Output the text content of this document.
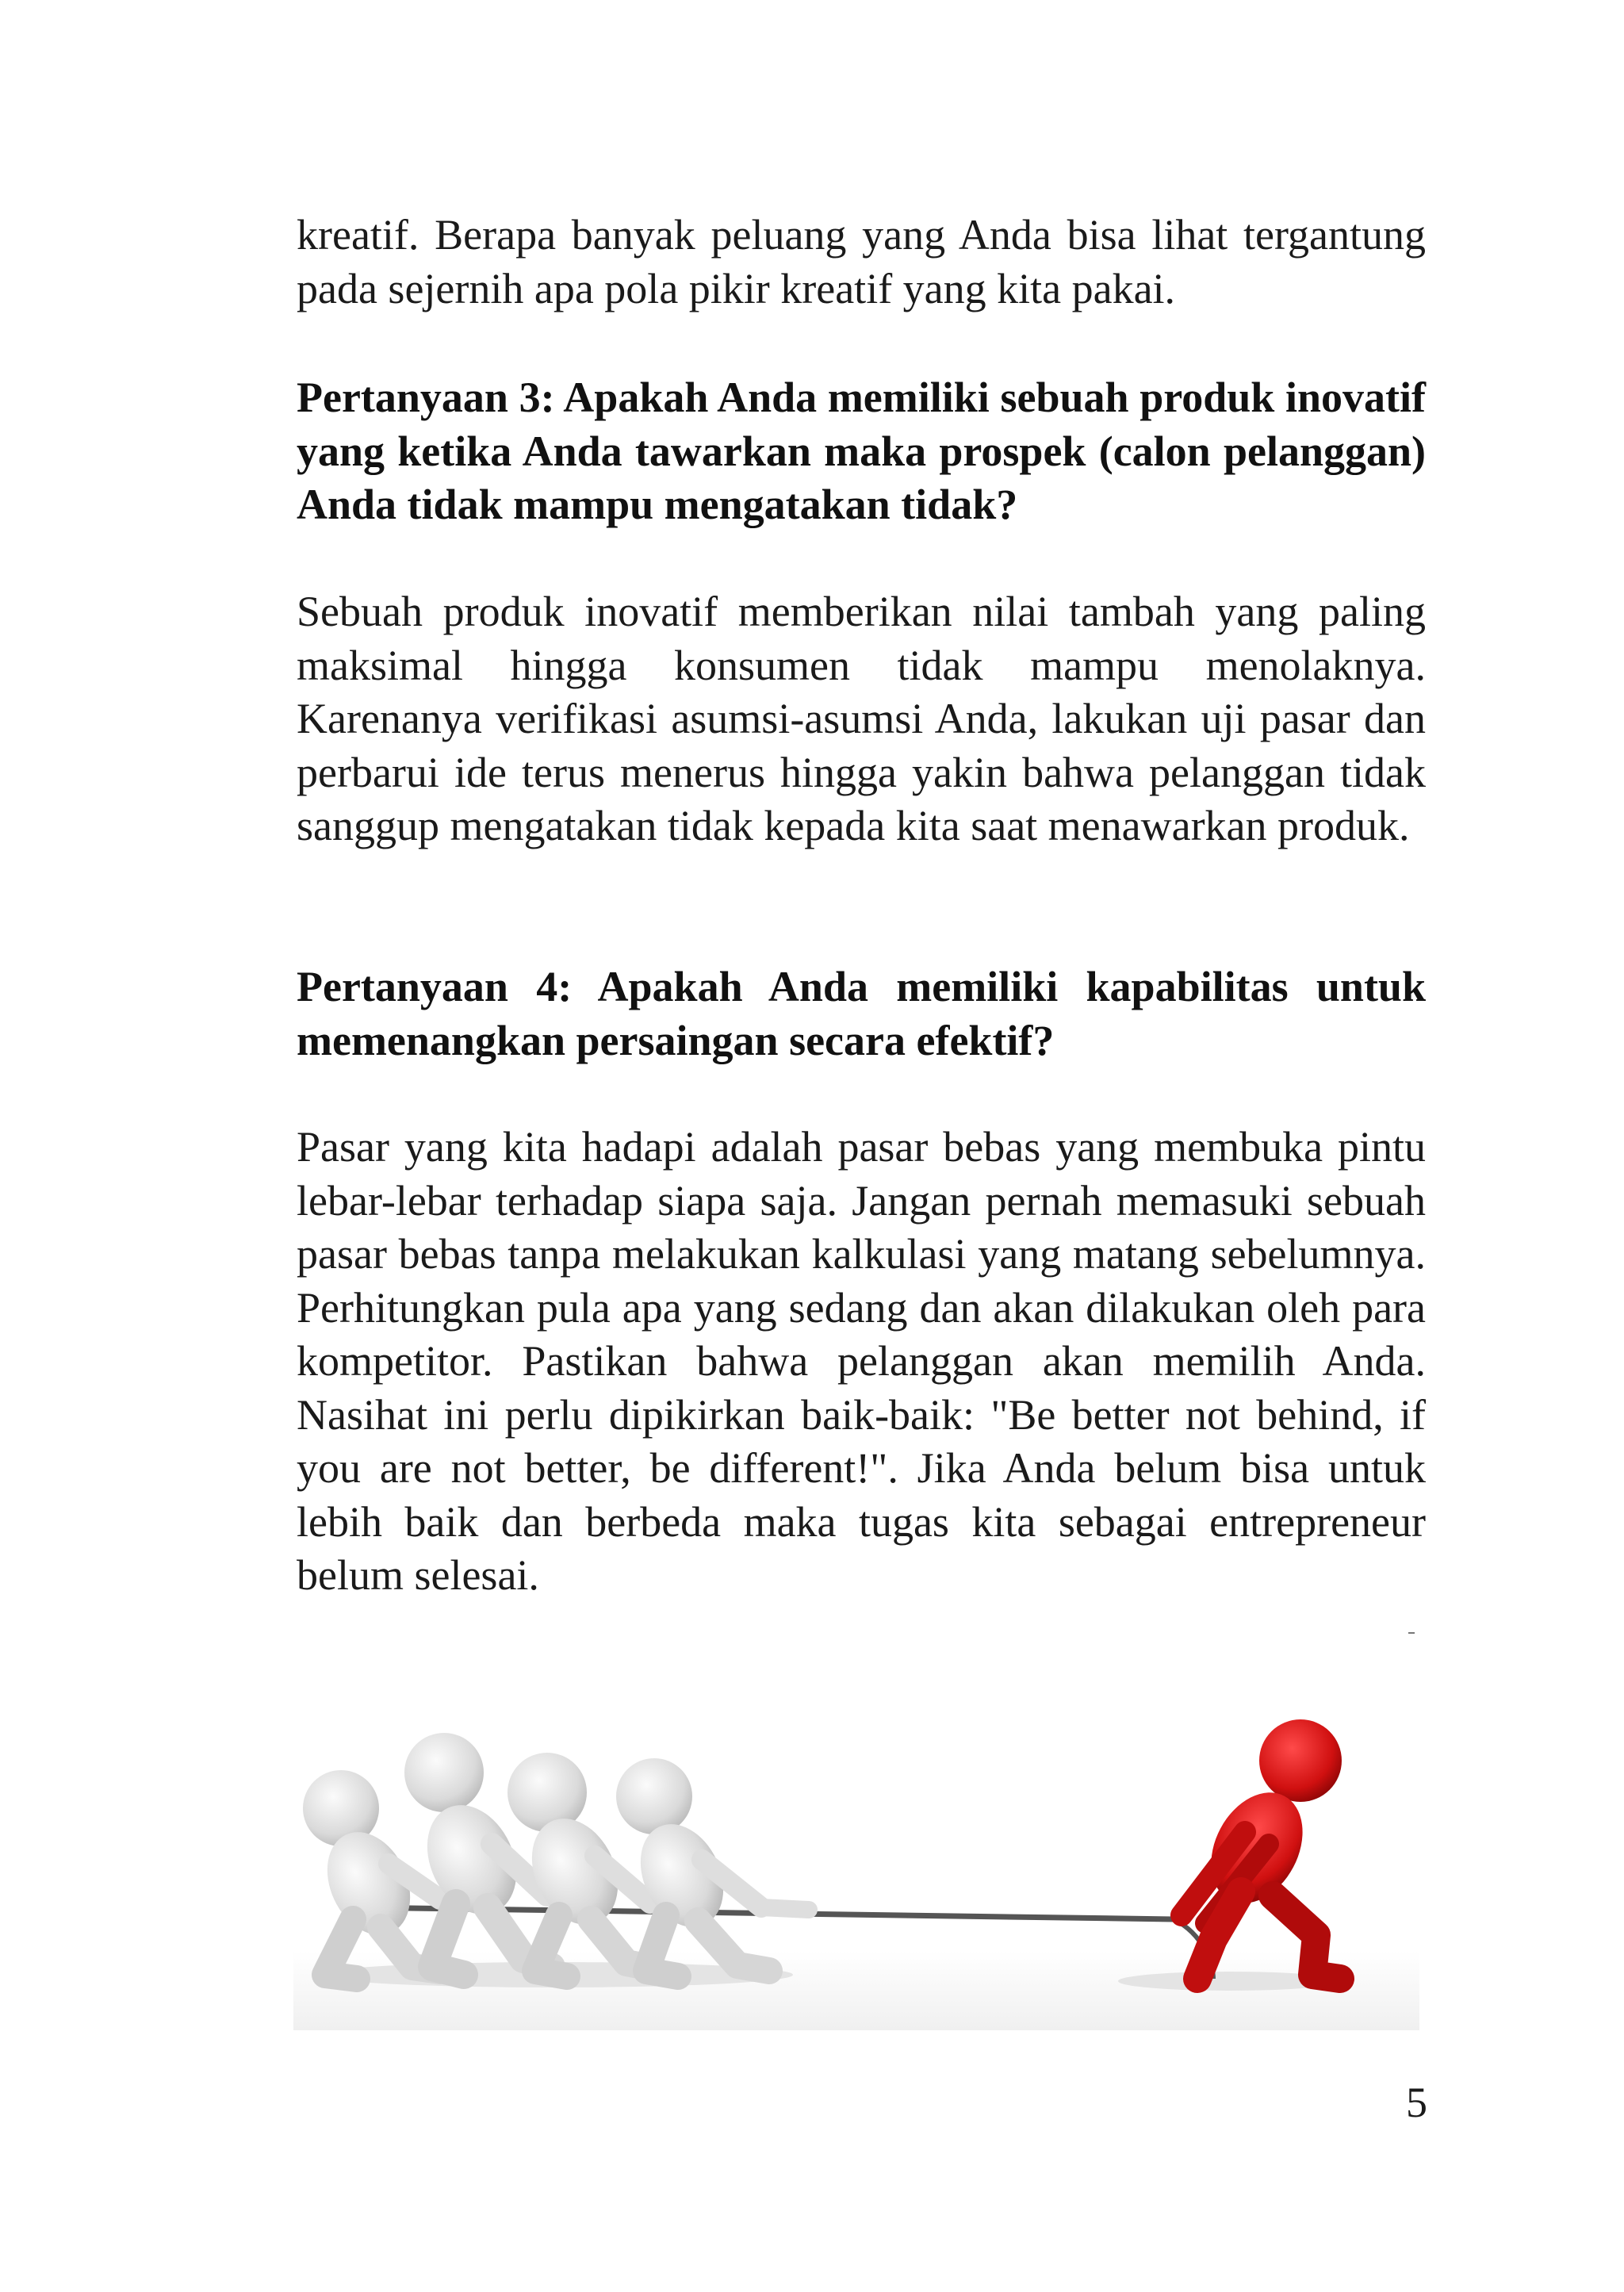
kreatif. Berapa banyak peluang yang Anda bisa lihat tergantung pada sejernih apa pola pikir kreatif yang kita pakai.

Pertanyaan 3: Apakah Anda memiliki sebuah produk inovatif yang ketika Anda tawarkan maka prospek (calon pelanggan) Anda tidak mampu mengatakan tidak?

Sebuah produk inovatif memberikan nilai tambah yang paling maksimal hingga konsumen tidak mampu menolaknya. Karenanya verifikasi asumsi-asumsi Anda, lakukan uji pasar dan perbarui ide terus menerus hingga yakin bahwa pelanggan tidak sanggup mengatakan tidak kepada kita saat menawarkan produk.

Pertanyaan 4: Apakah Anda memiliki kapabilitas untuk memenangkan persaingan secara efektif?

Pasar yang kita hadapi adalah pasar bebas yang membuka pintu lebar-lebar terhadap siapa saja. Jangan pernah memasuki sebuah pasar bebas tanpa melakukan kalkulasi yang matang sebelumnya. Perhitungkan pula apa yang sedang dan akan dilakukan oleh para kompetitor. Pastikan bahwa pelanggan akan memilih Anda. Nasihat ini perlu dipikirkan baik-baik: "Be better not behind, if you are not better, be different!". Jika Anda belum bisa untuk lebih baik dan berbeda maka tugas kita sebagai entrepreneur belum selesai.

5
